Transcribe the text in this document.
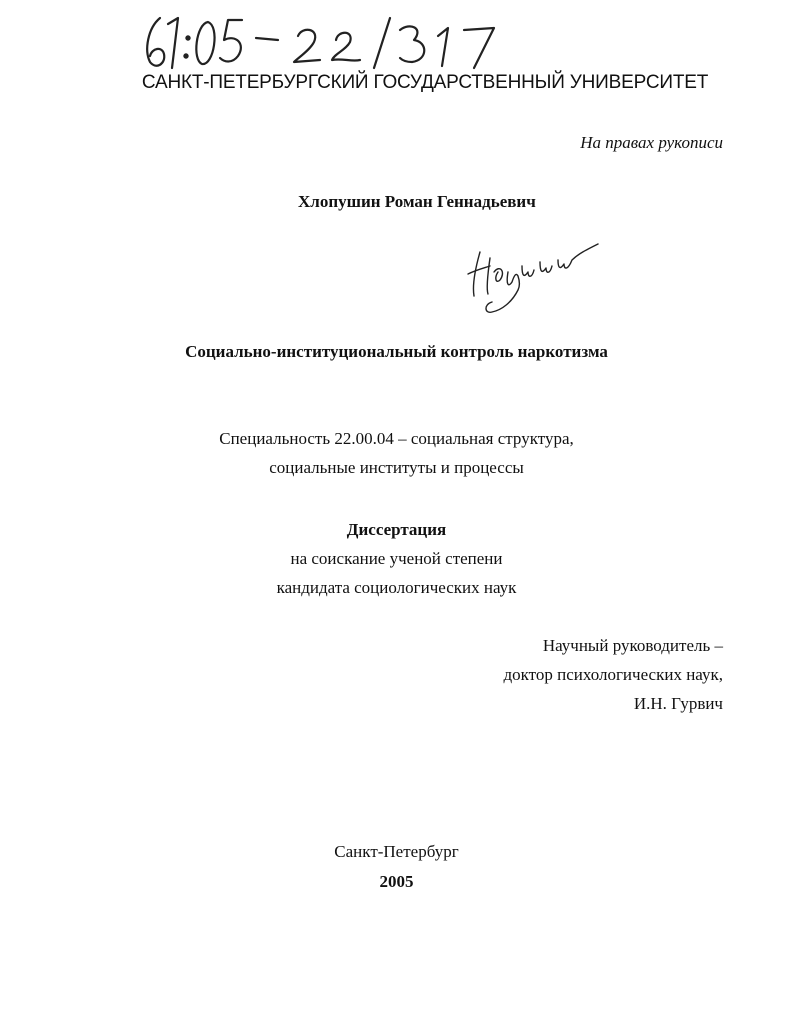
САНКТ-ПЕТЕРБУРГСКИЙ ГОСУДАРСТВЕННЫЙ УНИВЕРСИТЕТ
На правах рукописи
Хлопушин Роман Геннадьевич
Социально-институциональный контроль наркотизма
Специальность 22.00.04 – социальная структура,
социальные институты и процессы
Диссертация
на соискание ученой степени
кандидата социологических наук
Научный руководитель –
доктор психологических наук,
И.Н. Гурвич
Санкт-Петербург
2005
